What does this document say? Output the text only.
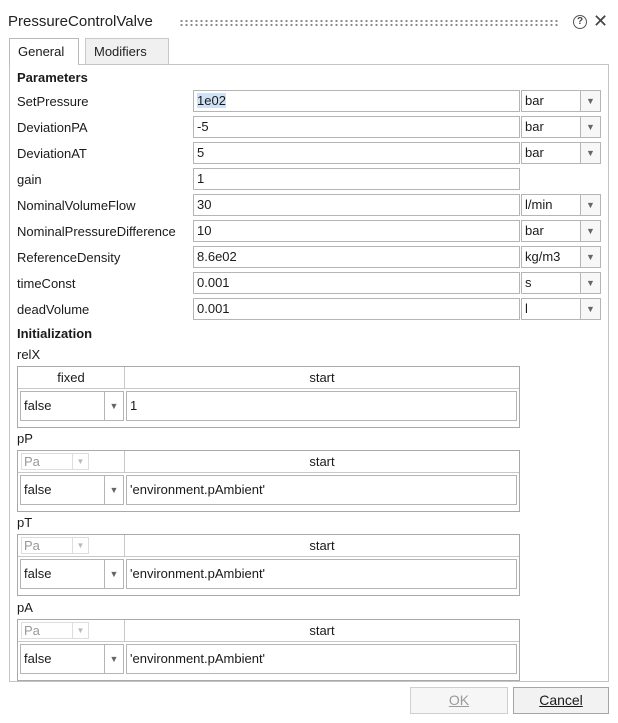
PressureControlValve	? ✕
General	Modifiers
Parameters
SetPressure	1e02	bar	▼
DeviationPA	-5	bar	▼
DeviationAT	5	bar	▼
gain	1
NominalVolumeFlow	30	l/min	▼
NominalPressureDifference	10	bar	▼
ReferenceDensity	8.6e02	kg/m3	▼
timeConst	0.001	s	▼
deadVolume	0.001	l	▼
Initialization
relX
fixed	start
false	▼ 1
pP
Pa	▼	start
false	▼ 'environment.pAmbient'
pT
Pa	▼	start
false	▼ 'environment.pAmbient'
pA
Pa	▼	start
false	▼ 'environment.pAmbient'
OK	Cancel
